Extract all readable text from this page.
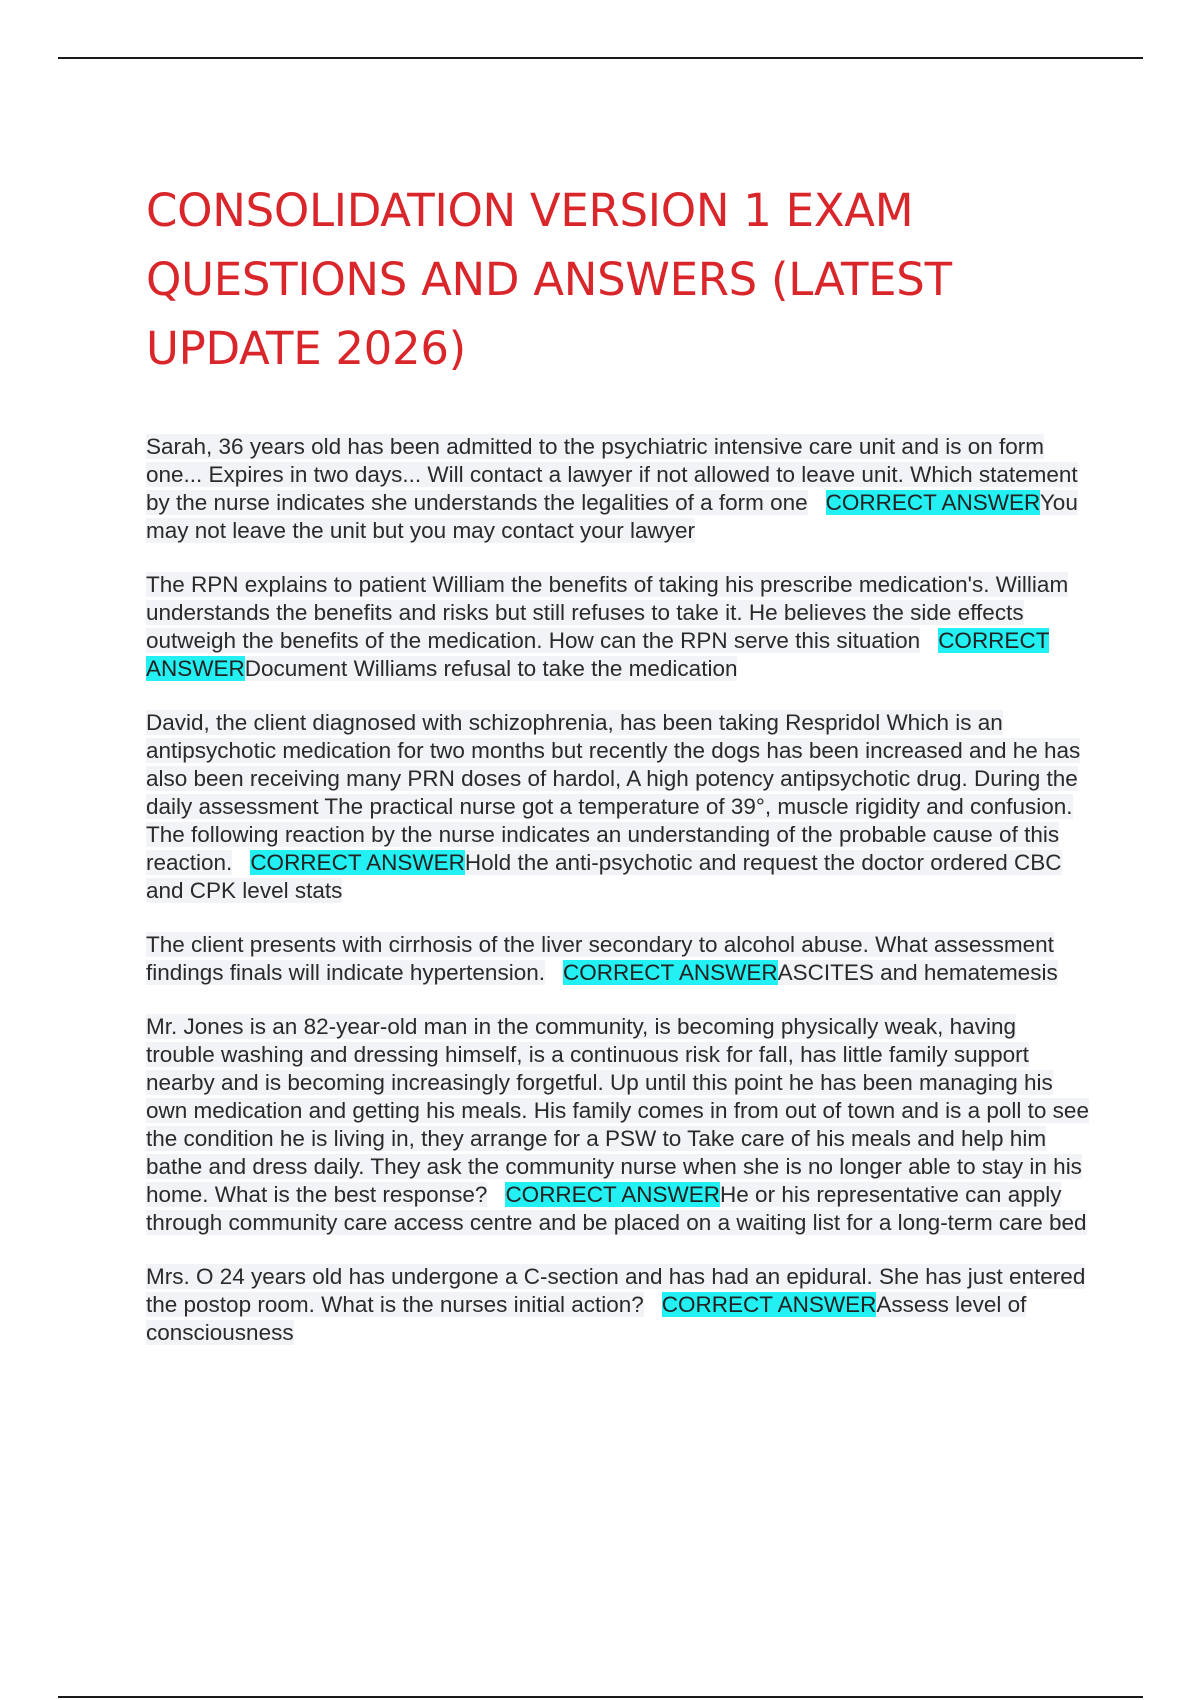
CONSOLIDATION VERSION 1 EXAM QUESTIONS AND ANSWERS (LATEST UPDATE 2026)
Sarah, 36 years old has been admitted to the psychiatric intensive care unit and is on form one... Expires in two days... Will contact a lawyer if not allowed to leave unit. Which statement by the nurse indicates she understands the legalities of a form one CORRECT ANSWERYou may not leave the unit but you may contact your lawyer
The RPN explains to patient William the benefits of taking his prescribe medication's. William understands the benefits and risks but still refuses to take it. He believes the side effects outweigh the benefits of the medication. How can the RPN serve this situation CORRECT ANSWERDocument Williams refusal to take the medication
David, the client diagnosed with schizophrenia, has been taking Respridol Which is an antipsychotic medication for two months but recently the dogs has been increased and he has also been receiving many PRN doses of hardol, A high potency antipsychotic drug. During the daily assessment The practical nurse got a temperature of 39°, muscle rigidity and confusion. The following reaction by the nurse indicates an understanding of the probable cause of this reaction. CORRECT ANSWERHold the anti-psychotic and request the doctor ordered CBC and CPK level stats
The client presents with cirrhosis of the liver secondary to alcohol abuse. What assessment findings finals will indicate hypertension. CORRECT ANSWERASCITES and hematemesis
Mr. Jones is an 82-year-old man in the community, is becoming physically weak, having trouble washing and dressing himself, is a continuous risk for fall, has little family support nearby and is becoming increasingly forgetful. Up until this point he has been managing his own medication and getting his meals. His family comes in from out of town and is a poll to see the condition he is living in, they arrange for a PSW to Take care of his meals and help him bathe and dress daily. They ask the community nurse when she is no longer able to stay in his home. What is the best response? CORRECT ANSWERHe or his representative can apply through community care access centre and be placed on a waiting list for a long-term care bed
Mrs. O 24 years old has undergone a C-section and has had an epidural. She has just entered the postop room. What is the nurses initial action? CORRECT ANSWERAssess level of consciousness
